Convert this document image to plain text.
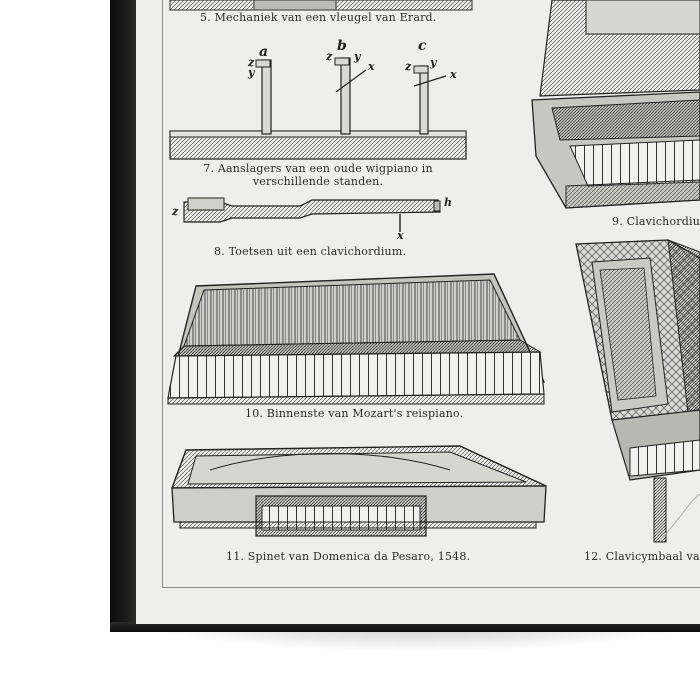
a	b	c
z
y
z y
x	z y
x
z
h
x
5. Mechaniek van een vleugel van Erard.
7. Aanslagers van een oude wigpiano in
verschillende standen.
8. Toetsen uit een clavichordium.
9. Clavichordiu
10. Binnenste van Mozart's reispiano.
11. Spinet van Domenica da Pesaro, 1548.	12. Clavicymbaal va
